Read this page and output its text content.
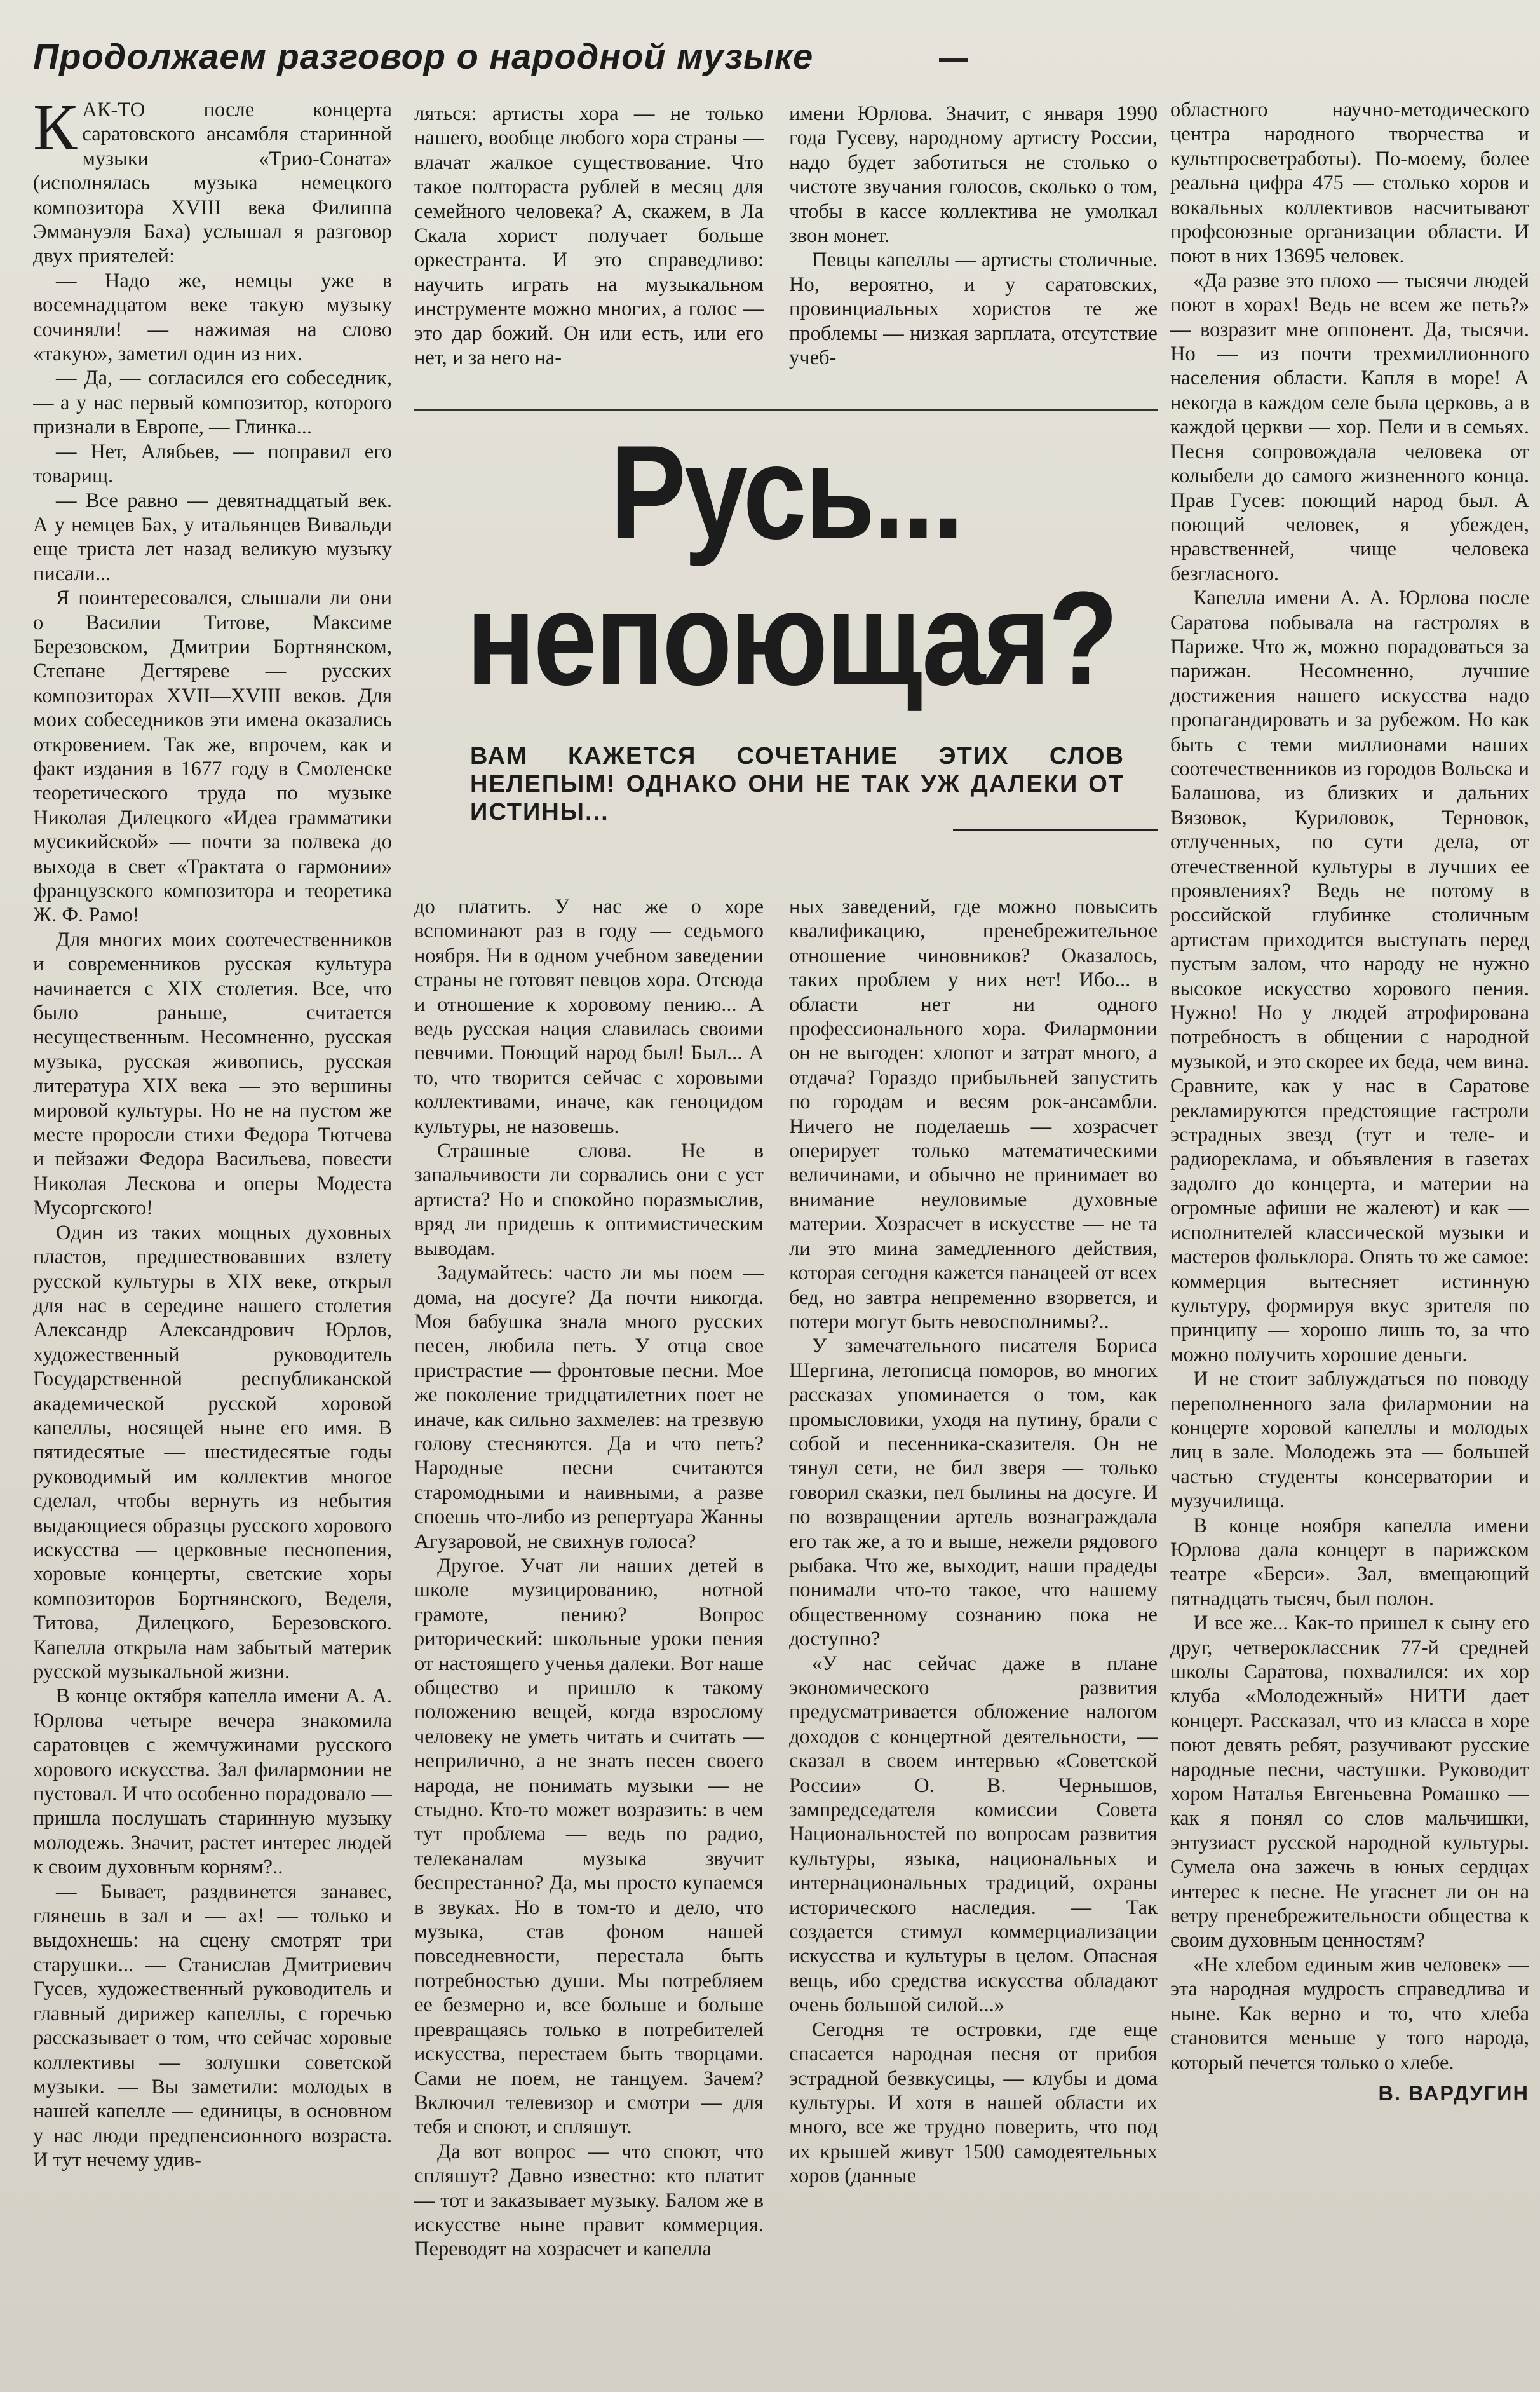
Продолжаем разговор о народной музыке
К АК-ТО после концерта саратовского ансамбля старинной музыки «Трио-Соната» (исполнялась музыка немецкого композитора XVIII века Филиппа Эммануэля Баха) услышал я разговор двух приятелей:

— Надо же, немцы уже в восемнадцатом веке такую музыку сочиняли! — нажимая на слово «такую», заметил один из них.

— Да, — согласился его собеседник, — а у нас первый композитор, которого признали в Европе, — Глинка...

— Нет, Алябьев, — поправил его товарищ.

— Все равно — девятнадцатый век. А у немцев Бах, у итальянцев Вивальди еще триста лет назад великую музыку писали...

Я поинтересовался, слышали ли они о Василии Титове, Максиме Березовском, Дмитрии Бортнянском, Степане Дегтяреве — русских композиторах XVII—XVIII веков. Для моих собеседников эти имена оказались откровением. Так же, впрочем, как и факт издания в 1677 году в Смоленске теоретического труда по музыке Николая Дилецкого «Идеа грамматики мусикийской» — почти за полвека до выхода в свет «Трактата о гармонии» французского композитора и теоретика Ж. Ф. Рамо!

Для многих моих соотечественников и современников русская культура начинается с XIX столетия. Все, что было раньше, считается несущественным. Несомненно, русская музыка, русская живопись, русская литература XIX века — это вершины мировой культуры. Но не на пустом же месте проросли стихи Федора Тютчева и пейзажи Федора Васильева, повести Николая Лескова и оперы Модеста Мусоргского!

Один из таких мощных духовных пластов, предшествовавших взлету русской культуры в XIX веке, открыл для нас в середине нашего столетия Александр Александрович Юрлов, художественный руководитель Государственной республиканской академической русской хоровой капеллы, носящей ныне его имя. В пятидесятые — шестидесятые годы руководимый им коллектив многое сделал, чтобы вернуть из небытия выдающиеся образцы русского хорового искусства — церковные песнопения, хоровые концерты, светские хоры композиторов Бортнянского, Веделя, Титова, Дилецкого, Березовского. Капелла открыла нам забытый материк русской музыкальной жизни.

В конце октября капелла имени А. А. Юрлова четыре вечера знакомила саратовцев с жемчужинами русского хорового искусства. Зал филармонии не пустовал. И что особенно порадовало — пришла послушать старинную музыку молодежь. Значит, растет интерес людей к своим духовным корням?..

— Бывает, раздвинется занавес, глянешь в зал и — ах! — только и выдохнешь: на сцену смотрят три старушки... — Станислав Дмитриевич Гусев, художественный руководитель и главный дирижер капеллы, с горечью рассказывает о том, что сейчас хоровые коллективы — золушки советской музыки. — Вы заметили: молодых в нашей капелле — единицы, в основном у нас люди предпенсионного возраста. И тут нечему удив-

ляться: артисты хора — не только нашего, вообще любого хора страны — влачат жалкое существование. Что такое полтораста рублей в месяц для семейного человека? А, скажем, в Ла Скала хорист получает больше оркестранта. И это справедливо: научить играть на музыкальном инструменте можно многих, а голос — это дар божий. Он или есть, или его нет, и за него на-

имени Юрлова. Значит, с января 1990 года Гусеву, народному артисту России, надо будет заботиться не столько о чистоте звучания голосов, сколько о том, чтобы в кассе коллектива не умолкал звон монет.

Певцы капеллы — артисты столичные. Но, вероятно, и у саратовских, провинциальных хористов те же проблемы — низкая зарплата, отсутствие учеб-

Русь...
непоющая?
ВАМ КАЖЕТСЯ СОЧЕТАНИЕ ЭТИХ СЛОВ НЕЛЕПЫМ! ОДНАКО ОНИ НЕ ТАК УЖ ДАЛЕКИ ОТ ИСТИНЫ...

до платить. У нас же о хоре вспоминают раз в году — седьмого ноября. Ни в одном учебном заведении страны не готовят певцов хора. Отсюда и отношение к хоровому пению... А ведь русская нация славилась своими певчими. Поющий народ был! Был... А то, что творится сейчас с хоровыми коллективами, иначе, как геноцидом культуры, не назовешь.

Страшные слова. Не в запальчивости ли сорвались они с уст артиста? Но и спокойно поразмыслив, вряд ли придешь к оптимистическим выводам.

Задумайтесь: часто ли мы поем — дома, на досуге? Да почти никогда. Моя бабушка знала много русских песен, любила петь. У отца свое пристрастие — фронтовые песни. Мое же поколение тридцатилетних поет не иначе, как сильно захмелев: на трезвую голову стесняются. Да и что петь? Народные песни считаются старомодными и наивными, а разве споешь что-либо из репертуара Жанны Агузаровой, не свихнув голоса?

Другое. Учат ли наших детей в школе музицированию, нотной грамоте, пению? Вопрос риторический: школьные уроки пения от настоящего ученья далеки. Вот наше общество и пришло к такому положению вещей, когда взрослому человеку не уметь читать и считать — неприлично, а не знать песен своего народа, не понимать музыки — не стыдно. Кто-то может возразить: в чем тут проблема — ведь по радио, телеканалам музыка звучит беспрестанно? Да, мы просто купаемся в звуках. Но в том-то и дело, что музыка, став фоном нашей повседневности, перестала быть потребностью души. Мы потребляем ее безмерно и, все больше и больше превращаясь только в потребителей искусства, перестаем быть творцами. Сами не поем, не танцуем. Зачем? Включил телевизор и смотри — для тебя и споют, и спляшут.

Да вот вопрос — что споют, что спляшут? Давно известно: кто платит — тот и заказывает музыку. Балом же в искусстве ныне правит коммерция. Переводят на хозрасчет и капелла

ных заведений, где можно повысить квалификацию, пренебрежительное отношение чиновников? Оказалось, таких проблем у них нет! Ибо... в области нет ни одного профессионального хора. Филармонии он не выгоден: хлопот и затрат много, а отдача? Гораздо прибыльней запустить по городам и весям рок-ансамбли. Ничего не поделаешь — хозрасчет оперирует только математическими величинами, и обычно не принимает во внимание неуловимые духовные материи. Хозрасчет в искусстве — не та ли это мина замедленного действия, которая сегодня кажется панацеей от всех бед, но завтра непременно взорвется, и потери могут быть невосполнимы?..

У замечательного писателя Бориса Шергина, летописца поморов, во многих рассказах упоминается о том, как промысловики, уходя на путину, брали с собой и песенника-сказителя. Он не тянул сети, не бил зверя — только говорил сказки, пел былины на досуге. И по возвращении артель вознаграждала его так же, а то и выше, нежели рядового рыбака. Что же, выходит, наши прадеды понимали что-то такое, что нашему общественному сознанию пока не доступно?

«У нас сейчас даже в плане экономического развития предусматривается обложение налогом доходов с концертной деятельности, — сказал в своем интервью «Советской России» О. В. Чернышов, зампредседателя комиссии Совета Национальностей по вопросам развития культуры, языка, национальных и интернациональных традиций, охраны исторического наследия. — Так создается стимул коммерциализации искусства и культуры в целом. Опасная вещь, ибо средства искусства обладают очень большой силой...»

Сегодня те островки, где еще спасается народная песня от прибоя эстрадной безвкусицы, — клубы и дома культуры. И хотя в нашей области их много, все же трудно поверить, что под их крышей живут 1500 самодеятельных хоров (данные

областного научно-методического центра народного творчества и культпросветработы). По-моему, более реальна цифра 475 — столько хоров и вокальных коллективов насчитывают профсоюзные организации области. И поют в них 13695 человек.

«Да разве это плохо — тысячи людей поют в хорах! Ведь не всем же петь?» — возразит мне оппонент. Да, тысячи. Но — из почти трехмиллионного населения области. Капля в море! А некогда в каждом селе была церковь, а в каждой церкви — хор. Пели и в семьях. Песня сопровождала человека от колыбели до самого жизненного конца. Прав Гусев: поющий народ был. А поющий человек, я убежден, нравственней, чище человека безгласного.

Капелла имени А. А. Юрлова после Саратова побывала на гастролях в Париже. Что ж, можно порадоваться за парижан. Несомненно, лучшие достижения нашего искусства надо пропагандировать и за рубежом. Но как быть с теми миллионами наших соотечественников из городов Вольска и Балашова, из близких и дальних Вязовок, Куриловок, Терновок, отлученных, по сути дела, от отечественной культуры в лучших ее проявлениях? Ведь не потому в российской глубинке столичным артистам приходится выступать перед пустым залом, что народу не нужно высокое искусство хорового пения. Нужно! Но у людей атрофирована потребность в общении с народной музыкой, и это скорее их беда, чем вина. Сравните, как у нас в Саратове рекламируются предстоящие гастроли эстрадных звезд (тут и теле- и радиореклама, и объявления в газетах задолго до концерта, и материи на огромные афиши не жалеют) и как — исполнителей классической музыки и мастеров фольклора. Опять то же самое: коммерция вытесняет истинную культуру, формируя вкус зрителя по принципу — хорошо лишь то, за что можно получить хорошие деньги.

И не стоит заблуждаться по поводу переполненного зала филармонии на концерте хоровой капеллы и молодых лиц в зале. Молодежь эта — большей частью студенты консерватории и музучилища.

В конце ноября капелла имени Юрлова дала концерт в парижском театре «Берси». Зал, вмещающий пятнадцать тысяч, был полон.

И все же... Как-то пришел к сыну его друг, четвероклассник 77-й средней школы Саратова, похвалился: их хор клуба «Молодежный» НИТИ дает концерт. Рассказал, что из класса в хоре поют девять ребят, разучивают русские народные песни, частушки. Руководит хором Наталья Евгеньевна Ромашко — как я понял со слов мальчишки, энтузиаст русской народной культуры. Сумела она зажечь в юных сердцах интерес к песне. Не угаснет ли он на ветру пренебрежительности общества к своим духовным ценностям?

«Не хлебом единым жив человек» — эта народная мудрость справедлива и ныне. Как верно и то, что хлеба становится меньше у того народа, который печется только о хлебе.

В. ВАРДУГИН
